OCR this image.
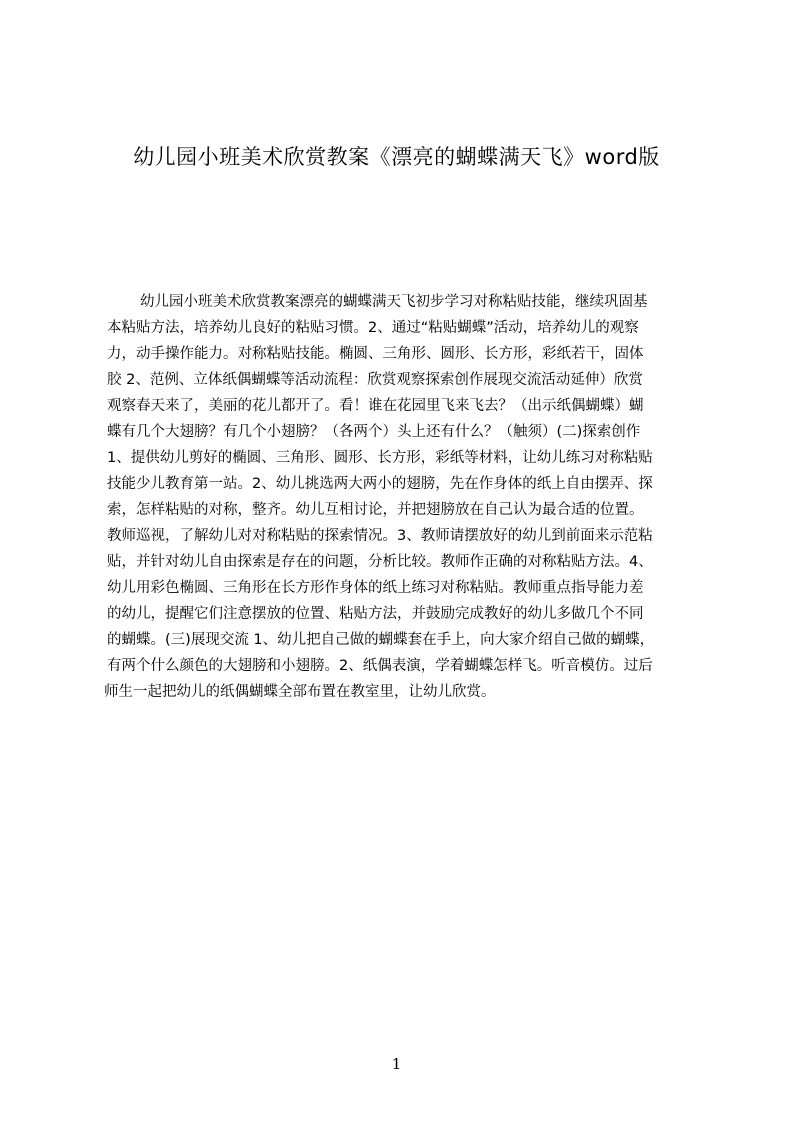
幼儿园小班美术欣赏教案《漂亮的蝴蝶满天飞》word版
幼儿园小班美术欣赏教案漂亮的蝴蝶满天飞初步学习对称粘贴技能，继续巩固基
本粘贴方法，培养幼儿良好的粘贴习惯。2、通过“粘贴蝴蝶”活动，培养幼儿的观察
力，动手操作能力。对称粘贴技能。椭圆、三角形、圆形、长方形，彩纸若干，固体
胶 2、范例、立体纸偶蝴蝶等活动流程：欣赏观察探索创作展现交流活动延伸）欣赏
观察春天来了，美丽的花儿都开了。看！谁在花园里飞来飞去？（出示纸偶蝴蝶）蝴
蝶有几个大翅膀？有几个小翅膀？（各两个）头上还有什么？（触须）(二)探索创作
1、提供幼儿剪好的椭圆、三角形、圆形、长方形，彩纸等材料，让幼儿练习对称粘贴
技能少儿教育第一站。2、幼儿挑选两大两小的翅膀，先在作身体的纸上自由摆弄、探
索，怎样粘贴的对称，整齐。幼儿互相讨论，并把翅膀放在自己认为最合适的位置。
教师巡视，了解幼儿对对称粘贴的探索情况。3、教师请摆放好的幼儿到前面来示范粘
贴，并针对幼儿自由探索是存在的问题，分析比较。教师作正确的对称粘贴方法。4、
幼儿用彩色椭圆、三角形在长方形作身体的纸上练习对称粘贴。教师重点指导能力差
的幼儿，提醒它们注意摆放的位置、粘贴方法，并鼓励完成教好的幼儿多做几个不同
的蝴蝶。(三)展现交流 1、幼儿把自己做的蝴蝶套在手上，向大家介绍自己做的蝴蝶，
有两个什么颜色的大翅膀和小翅膀。2、纸偶表演，学着蝴蝶怎样飞。听音模仿。过后
师生一起把幼儿的纸偶蝴蝶全部布置在教室里，让幼儿欣赏。
1
